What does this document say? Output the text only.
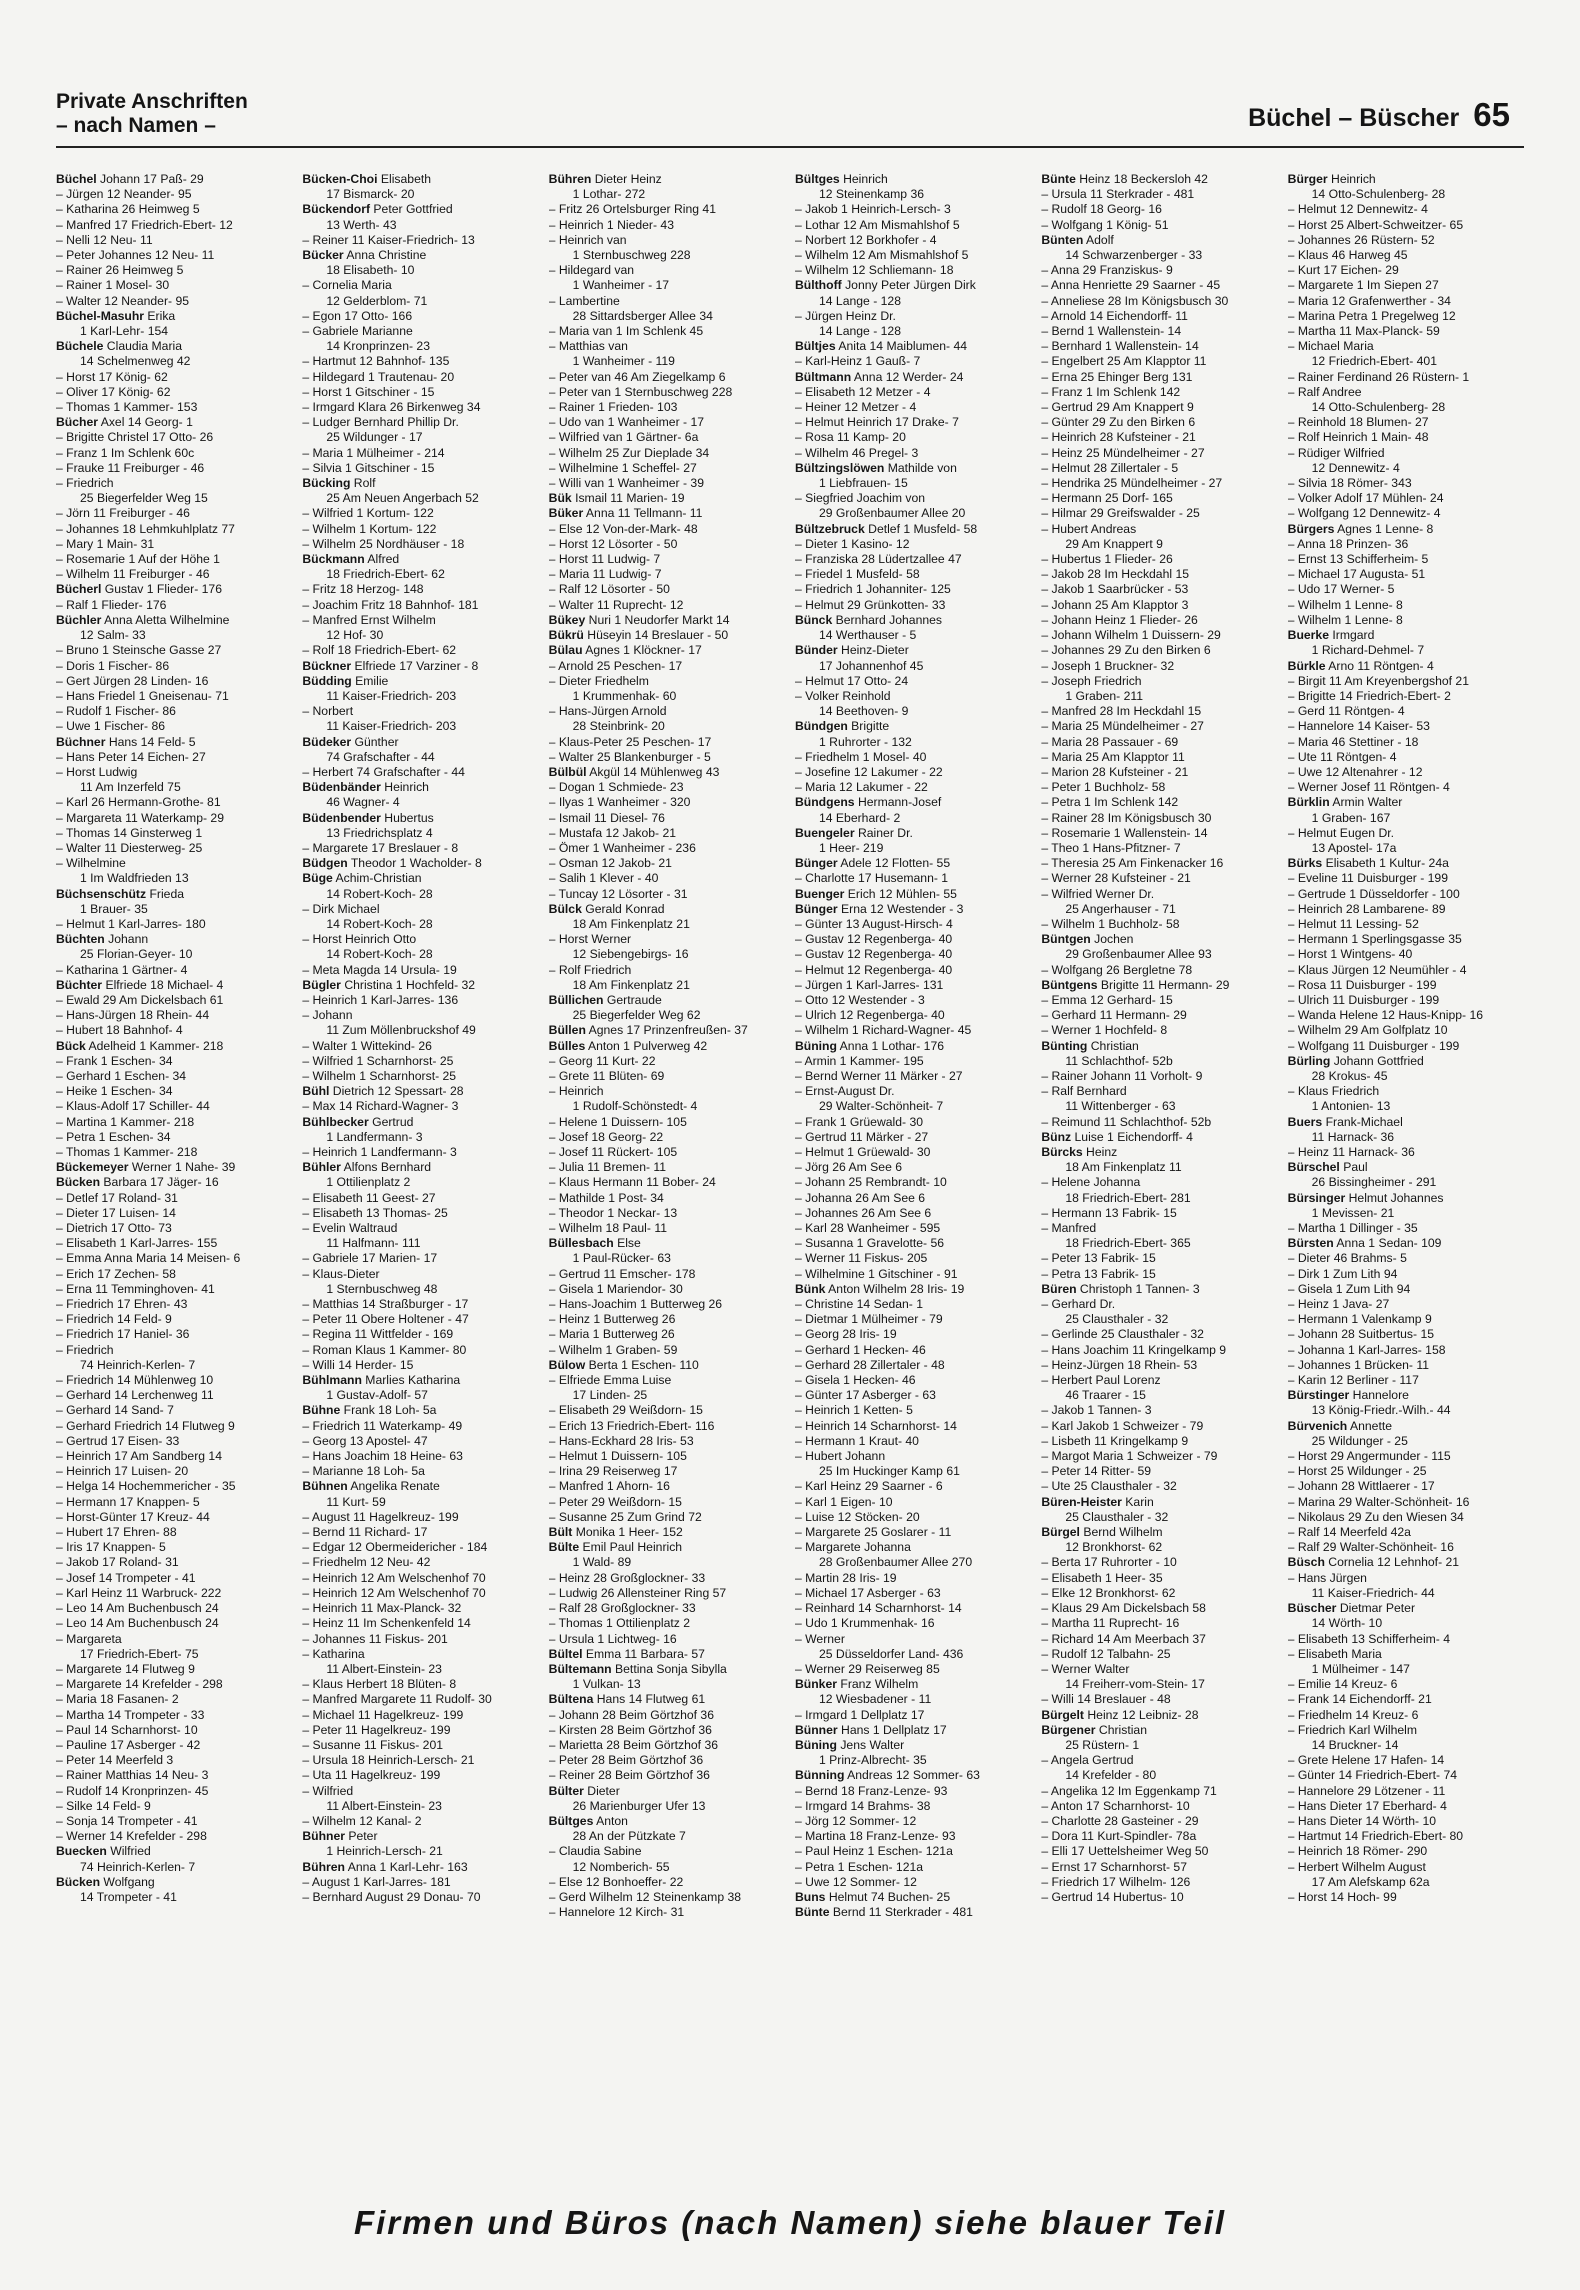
Private Anschriften
– nach Namen –	Büchel – Büscher 65
Büchel Johann 17 Paß- 29
– Jürgen 12 Neander- 95
– Katharina 26 Heimweg 5
– Manfred 17 Friedrich-Ebert- 12
– Nelli 12 Neu- 11
– Peter Johannes 12 Neu- 11
– Rainer 26 Heimweg 5
– Rainer 1 Mosel- 30
– Walter 12 Neander- 95
Büchel-Masuhr Erika
1 Karl-Lehr- 154
Büchele Claudia Maria
14 Schelmenweg 42
– Horst 17 König- 62
– Oliver 17 König- 62
– Thomas 1 Kammer- 153
Bücher Axel 14 Georg- 1
– Brigitte Christel 17 Otto- 26
– Franz 1 Im Schlenk 60c
– Frauke 11 Freiburger - 46
– Friedrich
25 Biegerfelder Weg 15
– Jörn 11 Freiburger - 46
– Johannes 18 Lehmkuhlplatz 77
– Mary 1 Main- 31
– Rosemarie 1 Auf der Höhe 1
– Wilhelm 11 Freiburger - 46
Bücherl Gustav 1 Flieder- 176
– Ralf 1 Flieder- 176
Büchler Anna Aletta Wilhelmine
12 Salm- 33
– Bruno 1 Steinsche Gasse 27
– Doris 1 Fischer- 86
– Gert Jürgen 28 Linden- 16
– Hans Friedel 1 Gneisenau- 71
– Rudolf 1 Fischer- 86
– Uwe 1 Fischer- 86
Büchner Hans 14 Feld- 5
– Hans Peter 14 Eichen- 27
– Horst Ludwig
11 Am Inzerfeld 75
– Karl 26 Hermann-Grothe- 81
– Margareta 11 Waterkamp- 29
– Thomas 14 Ginsterweg 1
– Walter 11 Diesterweg- 25
– Wilhelmine
1 Im Waldfrieden 13
Büchsenschütz Frieda
1 Brauer- 35
– Helmut 1 Karl-Jarres- 180
Büchten Johann
25 Florian-Geyer- 10
– Katharina 1 Gärtner- 4
Büchter Elfriede 18 Michael- 4
– Ewald 29 Am Dickelsbach 61
– Hans-Jürgen 18 Rhein- 44
– Hubert 18 Bahnhof- 4
Bück Adelheid 1 Kammer- 218
– Frank 1 Eschen- 34
– Gerhard 1 Eschen- 34
– Heike 1 Eschen- 34
– Klaus-Adolf 17 Schiller- 44
– Martina 1 Kammer- 218
– Petra 1 Eschen- 34
– Thomas 1 Kammer- 218
Bückemeyer Werner 1 Nahe- 39
Bücken Barbara 17 Jäger- 16
– Detlef 17 Roland- 31
– Dieter 17 Luisen- 14
– Dietrich 17 Otto- 73
– Elisabeth 1 Karl-Jarres- 155
– Emma Anna Maria 14 Meisen- 6
– Erich 17 Zechen- 58
– Erna 11 Temminghoven- 41
– Friedrich 17 Ehren- 43
– Friedrich 14 Feld- 9
– Friedrich 17 Haniel- 36
– Friedrich
74 Heinrich-Kerlen- 7
– Friedrich 14 Mühlenweg 10
– Gerhard 14 Lerchenweg 11
– Gerhard 14 Sand- 7
– Gerhard Friedrich 14 Flutweg 9
– Gertrud 17 Eisen- 33
– Heinrich 17 Am Sandberg 14
– Heinrich 17 Luisen- 20
– Helga 14 Hochemmericher - 35
– Hermann 17 Knappen- 5
– Horst-Günter 17 Kreuz- 44
– Hubert 17 Ehren- 88
– Iris 17 Knappen- 5
– Jakob 17 Roland- 31
– Josef 14 Trompeter - 41
– Karl Heinz 11 Warbruck- 222
– Leo 14 Am Buchenbusch 24
– Leo 14 Am Buchenbusch 24
– Margareta
17 Friedrich-Ebert- 75
– Margarete 14 Flutweg 9
– Margarete 14 Krefelder - 298
– Maria 18 Fasanen- 2
– Martha 14 Trompeter - 33
– Paul 14 Scharnhorst- 10
– Pauline 17 Asberger - 42
– Peter 14 Meerfeld 3
– Rainer Matthias 14 Neu- 3
– Rudolf 14 Kronprinzen- 45
– Silke 14 Feld- 9
– Sonja 14 Trompeter - 41
– Werner 14 Krefelder - 298
Buecken Wilfried
74 Heinrich-Kerlen- 7
Bücken Wolfgang
14 Trompeter - 41
Bücken-Choi Elisabeth
17 Bismarck- 20
Bückendorf Peter Gottfried
13 Werth- 43
– Reiner 11 Kaiser-Friedrich- 13
Bücker Anna Christine
18 Elisabeth- 10
– Cornelia Maria
12 Gelderblom- 71
– Egon 17 Otto- 166
– Gabriele Marianne
14 Kronprinzen- 23
– Hartmut 12 Bahnhof- 135
– Hildegard 1 Trautenau- 20
– Horst 1 Gitschiner - 15
– Irmgard Klara 26 Birkenweg 34
– Ludger Bernhard Phillip Dr.
25 Wildunger - 17
– Maria 1 Mülheimer - 214
– Silvia 1 Gitschiner - 15
Bücking Rolf
25 Am Neuen Angerbach 52
– Wilfried 1 Kortum- 122
– Wilhelm 1 Kortum- 122
– Wilhelm 25 Nordhäuser - 18
Bückmann Alfred
18 Friedrich-Ebert- 62
– Fritz 18 Herzog- 148
– Joachim Fritz 18 Bahnhof- 181
– Manfred Ernst Wilhelm
12 Hof- 30
– Rolf 18 Friedrich-Ebert- 62
Bückner Elfriede 17 Varziner - 8
Büdding Emilie
11 Kaiser-Friedrich- 203
– Norbert
11 Kaiser-Friedrich- 203
Büdeker Günther
74 Grafschafter - 44
– Herbert 74 Grafschafter - 44
Büdenbänder Heinrich
46 Wagner- 4
Büdenbender Hubertus
13 Friedrichsplatz 4
– Margarete 17 Breslauer - 8
Büdgen Theodor 1 Wacholder- 8
Büge Achim-Christian
14 Robert-Koch- 28
– Dirk Michael
14 Robert-Koch- 28
– Horst Heinrich Otto
14 Robert-Koch- 28
– Meta Magda 14 Ursula- 19
Bügler Christina 1 Hochfeld- 32
– Heinrich 1 Karl-Jarres- 136
– Johann
11 Zum Möllenbruckshof 49
– Walter 1 Wittekind- 26
– Wilfried 1 Scharnhorst- 25
– Wilhelm 1 Scharnhorst- 25
Bühl Dietrich 12 Spessart- 28
– Max 14 Richard-Wagner- 3
Bühlbecker Gertrud
1 Landfermann- 3
– Heinrich 1 Landfermann- 3
Bühler Alfons Bernhard
1 Ottilienplatz 2
– Elisabeth 11 Geest- 27
– Elisabeth 13 Thomas- 25
– Evelin Waltraud
11 Halfmann- 111
– Gabriele 17 Marien- 17
– Klaus-Dieter
1 Sternbuschweg 48
– Matthias 14 Straßburger - 17
– Peter 11 Obere Holtener - 47
– Regina 11 Wittfelder - 169
– Roman Klaus 1 Kammer- 80
– Willi 14 Herder- 15
Bühlmann Marlies Katharina
1 Gustav-Adolf- 57
Bühne Frank 18 Loh- 5a
– Friedrich 11 Waterkamp- 49
– Georg 13 Apostel- 47
– Hans Joachim 18 Heine- 63
– Marianne 18 Loh- 5a
Bühnen Angelika Renate
11 Kurt- 59
– August 11 Hagelkreuz- 199
– Bernd 11 Richard- 17
– Edgar 12 Obermeidericher - 184
– Friedhelm 12 Neu- 42
– Heinrich 12 Am Welschenhof 70
– Heinrich 12 Am Welschenhof 70
– Heinrich 11 Max-Planck- 32
– Heinz 11 Im Schenkenfeld 14
– Johannes 11 Fiskus- 201
– Katharina
11 Albert-Einstein- 23
– Klaus Herbert 18 Blüten- 8
– Manfred Margarete 11 Rudolf- 30
– Michael 11 Hagelkreuz- 199
– Peter 11 Hagelkreuz- 199
– Susanne 11 Fiskus- 201
– Ursula 18 Heinrich-Lersch- 21
– Uta 11 Hagelkreuz- 199
– Wilfried
11 Albert-Einstein- 23
– Wilhelm 12 Kanal- 2
Bühner Peter
1 Heinrich-Lersch- 21
Bühren Anna 1 Karl-Lehr- 163
– August 1 Karl-Jarres- 181
– Bernhard August 29 Donau- 70
Bühren Dieter Heinz
1 Lothar- 272
– Fritz 26 Ortelsburger Ring 41
– Heinrich 1 Nieder- 43
– Heinrich van
1 Sternbuschweg 228
– Hildegard van
1 Wanheimer - 17
– Lambertine
28 Sittardsberger Allee 34
– Maria van 1 Im Schlenk 45
– Matthias van
1 Wanheimer - 119
– Peter van 46 Am Ziegelkamp 6
– Peter van 1 Sternbuschweg 228
– Rainer 1 Frieden- 103
– Udo van 1 Wanheimer - 17
– Wilfried van 1 Gärtner- 6a
– Wilhelm 25 Zur Dieplade 34
– Wilhelmine 1 Scheffel- 27
– Willi van 1 Wanheimer - 39
Bük Ismail 11 Marien- 19
Büker Anna 11 Tellmann- 11
– Else 12 Von-der-Mark- 48
– Horst 12 Lösorter - 50
– Horst 11 Ludwig- 7
– Maria 11 Ludwig- 7
– Ralf 12 Lösorter - 50
– Walter 11 Ruprecht- 12
Bükey Nuri 1 Neudorfer Markt 14
Bükrü Hüseyin 14 Breslauer - 50
Bülau Agnes 1 Klöckner- 17
– Arnold 25 Peschen- 17
– Dieter Friedhelm
1 Krummenhak- 60
– Hans-Jürgen Arnold
28 Steinbrink- 20
– Klaus-Peter 25 Peschen- 17
– Walter 25 Blankenburger - 5
Bülbül Akgül 14 Mühlenweg 43
– Dogan 1 Schmiede- 23
– Ilyas 1 Wanheimer - 320
– Ismail 11 Diesel- 76
– Mustafa 12 Jakob- 21
– Ömer 1 Wanheimer - 236
– Osman 12 Jakob- 21
– Salih 1 Klever - 40
– Tuncay 12 Lösorter - 31
Bülck Gerald Konrad
18 Am Finkenplatz 21
– Horst Werner
12 Siebengebirgs- 16
– Rolf Friedrich
18 Am Finkenplatz 21
Büllichen Gertraude
25 Biegerfelder Weg 62
Büllen Agnes 17 Prinzenfreußen- 37
Bülles Anton 1 Pulverweg 42
– Georg 11 Kurt- 22
– Grete 11 Blüten- 69
– Heinrich
1 Rudolf-Schönstedt- 4
– Helene 1 Duissern- 105
– Josef 18 Georg- 22
– Josef 11 Rückert- 105
– Julia 11 Bremen- 11
– Klaus Hermann 11 Bober- 24
– Mathilde 1 Post- 34
– Theodor 1 Neckar- 13
– Wilhelm 18 Paul- 11
Büllesbach Else
1 Paul-Rücker- 63
– Gertrud 11 Emscher- 178
– Gisela 1 Mariendor- 30
– Hans-Joachim 1 Butterweg 26
– Heinz 1 Butterweg 26
– Maria 1 Butterweg 26
– Wilhelm 1 Graben- 59
Bülow Berta 1 Eschen- 110
– Elfriede Emma Luise
17 Linden- 25
– Elisabeth 29 Weißdorn- 15
– Erich 13 Friedrich-Ebert- 116
– Hans-Eckhard 28 Iris- 53
– Helmut 1 Duissern- 105
– Irina 29 Reiserweg 17
– Manfred 1 Ahorn- 16
– Peter 29 Weißdorn- 15
– Susanne 25 Zum Grind 72
Bült Monika 1 Heer- 152
Bülte Emil Paul Heinrich
1 Wald- 89
– Heinz 28 Großglockner- 33
– Ludwig 26 Allensteiner Ring 57
– Ralf 28 Großglockner- 33
– Thomas 1 Ottilienplatz 2
– Ursula 1 Lichtweg- 16
Bültel Emma 11 Barbara- 57
Bültemann Bettina Sonja Sibylla
1 Vulkan- 13
Bültena Hans 14 Flutweg 61
– Johann 28 Beim Görtzhof 36
– Kirsten 28 Beim Görtzhof 36
– Marietta 28 Beim Görtzhof 36
– Peter 28 Beim Görtzhof 36
– Reiner 28 Beim Görtzhof 36
Bülter Dieter
26 Marienburger Ufer 13
Bültges Anton
28 An der Pützkate 7
– Claudia Sabine
12 Nomberich- 55
– Else 12 Bonhoeffer- 22
– Gerd Wilhelm 12 Steinenkamp 38
– Hannelore 12 Kirch- 31
Bültges Heinrich
12 Steinenkamp 36
– Jakob 1 Heinrich-Lersch- 3
– Lothar 12 Am Mismahlshof 5
– Norbert 12 Borkhofer - 4
– Wilhelm 12 Am Mismahlshof 5
– Wilhelm 12 Schliemann- 18
Bülthoff Jonny Peter Jürgen Dirk
14 Lange - 128
– Jürgen Heinz Dr.
14 Lange - 128
Bültjes Anita 14 Maiblumen- 44
– Karl-Heinz 1 Gauß- 7
Bültmann Anna 12 Werder- 24
– Elisabeth 12 Metzer - 4
– Heiner 12 Metzer - 4
– Helmut Heinrich 17 Drake- 7
– Rosa 11 Kamp- 20
– Wilhelm 46 Pregel- 3
Bültzingslöwen Mathilde von
1 Liebfrauen- 15
– Siegfried Joachim von
29 Großenbaumer Allee 20
Bültzebruck Detlef 1 Musfeld- 58
– Dieter 1 Kasino- 12
– Franziska 28 Lüdertzallee 47
– Friedel 1 Musfeld- 58
– Friedrich 1 Johanniter- 125
– Helmut 29 Grünkotten- 33
Bünck Bernhard Johannes
14 Werthauser - 5
Bünder Heinz-Dieter
17 Johannenhof 45
– Helmut 17 Otto- 24
– Volker Reinhold
14 Beethoven- 9
Bündgen Brigitte
1 Ruhrorter - 132
– Friedhelm 1 Mosel- 40
– Josefine 12 Lakumer - 22
– Maria 12 Lakumer - 22
Bündgens Hermann-Josef
14 Eberhard- 2
Buengeler Rainer Dr.
1 Heer- 219
Bünger Adele 12 Flotten- 55
– Charlotte 17 Husemann- 1
Buenger Erich 12 Mühlen- 55
Bünger Erna 12 Westender - 3
– Günter 13 August-Hirsch- 4
– Gustav 12 Regenberga- 40
– Gustav 12 Regenberga- 40
– Helmut 12 Regenberga- 40
– Jürgen 1 Karl-Jarres- 131
– Otto 12 Westender - 3
– Ulrich 12 Regenberga- 40
– Wilhelm 1 Richard-Wagner- 45
Büning Anna 1 Lothar- 176
– Armin 1 Kammer- 195
– Bernd Werner 11 Märker - 27
– Ernst-August Dr.
29 Walter-Schönheit- 7
– Frank 1 Grüewald- 30
– Gertrud 11 Märker - 27
– Helmut 1 Grüewald- 30
– Jörg 26 Am See 6
– Johann 25 Rembrandt- 10
– Johanna 26 Am See 6
– Johannes 26 Am See 6
– Karl 28 Wanheimer - 595
– Susanna 1 Gravelotte- 56
– Werner 11 Fiskus- 205
– Wilhelmine 1 Gitschiner - 91
Bünk Anton Wilhelm 28 Iris- 19
– Christine 14 Sedan- 1
– Dietmar 1 Mülheimer - 79
– Georg 28 Iris- 19
– Gerhard 1 Hecken- 46
– Gerhard 28 Zillertaler - 48
– Gisela 1 Hecken- 46
– Günter 17 Asberger - 63
– Heinrich 1 Ketten- 5
– Heinrich 14 Scharnhorst- 14
– Hermann 1 Kraut- 40
– Hubert Johann
25 Im Huckinger Kamp 61
– Karl Heinz 29 Saarner - 6
– Karl 1 Eigen- 10
– Luise 12 Stöcken- 20
– Margarete 25 Goslarer - 11
– Margarete Johanna
28 Großenbaumer Allee 270
– Martin 28 Iris- 19
– Michael 17 Asberger - 63
– Reinhard 14 Scharnhorst- 14
– Udo 1 Krummenhak- 16
– Werner
25 Düsseldorfer Land- 436
– Werner 29 Reiserweg 85
Bünker Franz Wilhelm
12 Wiesbadener - 11
– Irmgard 1 Dellplatz 17
Bünner Hans 1 Dellplatz 17
Büning Jens Walter
1 Prinz-Albrecht- 35
Bünning Andreas 12 Sommer- 63
– Bernd 18 Franz-Lenze- 93
– Irmgard 14 Brahms- 38
– Jörg 12 Sommer- 12
– Martina 18 Franz-Lenze- 93
– Paul Heinz 1 Eschen- 121a
– Petra 1 Eschen- 121a
– Uwe 12 Sommer- 12
Buns Helmut 74 Buchen- 25
Bünte Bernd 11 Sterkrader - 481
Bünte Heinz 18 Beckersloh 42
– Ursula 11 Sterkrader - 481
– Rudolf 18 Georg- 16
– Wolfgang 1 König- 51
Bünten Adolf
14 Schwarzenberger - 33
– Anna 29 Franziskus- 9
– Anna Henriette 29 Saarner - 45
– Anneliese 28 Im Königsbusch 30
– Arnold 14 Eichendorff- 11
– Bernd 1 Wallenstein- 14
– Bernhard 1 Wallenstein- 14
– Engelbert 25 Am Klapptor 11
– Erna 25 Ehinger Berg 131
– Franz 1 Im Schlenk 142
– Gertrud 29 Am Knappert 9
– Günter 29 Zu den Birken 6
– Heinrich 28 Kufsteiner - 21
– Heinz 25 Mündelheimer - 27
– Helmut 28 Zillertaler - 5
– Hendrika 25 Mündelheimer - 27
– Hermann 25 Dorf- 165
– Hilmar 29 Greifswalder - 25
– Hubert Andreas
29 Am Knappert 9
– Hubertus 1 Flieder- 26
– Jakob 28 Im Heckdahl 15
– Jakob 1 Saarbrücker - 53
– Johann 25 Am Klapptor 3
– Johann Heinz 1 Flieder- 26
– Johann Wilhelm 1 Duissern- 29
– Johannes 29 Zu den Birken 6
– Joseph 1 Bruckner- 32
– Joseph Friedrich
1 Graben- 211
– Manfred 28 Im Heckdahl 15
– Maria 25 Mündelheimer - 27
– Maria 28 Passauer - 69
– Maria 25 Am Klapptor 11
– Marion 28 Kufsteiner - 21
– Peter 1 Buchholz- 58
– Petra 1 Im Schlenk 142
– Rainer 28 Im Königsbusch 30
– Rosemarie 1 Wallenstein- 14
– Theo 1 Hans-Pfitzner- 7
– Theresia 25 Am Finkenacker 16
– Werner 28 Kufsteiner - 21
– Wilfried Werner Dr.
25 Angerhauser - 71
– Wilhelm 1 Buchholz- 58
Büntgen Jochen
29 Großenbaumer Allee 93
– Wolfgang 26 Bergletne 78
Büntgens Brigitte 11 Hermann- 29
– Emma 12 Gerhard- 15
– Gerhard 11 Hermann- 29
– Werner 1 Hochfeld- 8
Bünting Christian
11 Schlachthof- 52b
– Rainer Johann 11 Vorholt- 9
– Ralf Bernhard
11 Wittenberger - 63
– Reimund 11 Schlachthof- 52b
Bünz Luise 1 Eichendorff- 4
Bürcks Heinz
18 Am Finkenplatz 11
– Helene Johanna
18 Friedrich-Ebert- 281
– Hermann 13 Fabrik- 15
– Manfred
18 Friedrich-Ebert- 365
– Peter 13 Fabrik- 15
– Petra 13 Fabrik- 15
Büren Christoph 1 Tannen- 3
– Gerhard Dr.
25 Clausthaler - 32
– Gerlinde 25 Clausthaler - 32
– Hans Joachim 11 Kringelkamp 9
– Heinz-Jürgen 18 Rhein- 53
– Herbert Paul Lorenz
46 Traarer - 15
– Jakob 1 Tannen- 3
– Karl Jakob 1 Schweizer - 79
– Lisbeth 11 Kringelkamp 9
– Margot Maria 1 Schweizer - 79
– Peter 14 Ritter- 59
– Ute 25 Clausthaler - 32
Büren-Heister Karin
25 Clausthaler - 32
Bürgel Bernd Wilhelm
12 Bronkhorst- 62
– Berta 17 Ruhrorter - 10
– Elisabeth 1 Heer- 35
– Elke 12 Bronkhorst- 62
– Klaus 29 Am Dickelsbach 58
– Martha 11 Ruprecht- 16
– Richard 14 Am Meerbach 37
– Rudolf 12 Talbahn- 25
– Werner Walter
14 Freiherr-vom-Stein- 17
– Willi 14 Breslauer - 48
Bürgelt Heinz 12 Leibniz- 28
Bürgener Christian
25 Rüstern- 1
– Angela Gertrud
14 Krefelder - 80
– Angelika 12 Im Eggenkamp 71
– Anton 17 Scharnhorst- 10
– Charlotte 28 Gasteiner - 29
– Dora 11 Kurt-Spindler- 78a
– Elli 17 Uettelsheimer Weg 50
– Ernst 17 Scharnhorst- 57
– Friedrich 17 Wilhelm- 126
– Gertrud 14 Hubertus- 10
Bürger Heinrich
14 Otto-Schulenberg- 28
– Helmut 12 Dennewitz- 4
– Horst 25 Albert-Schweitzer- 65
– Johannes 26 Rüstern- 52
– Klaus 46 Harweg 45
– Kurt 17 Eichen- 29
– Margarete 1 Im Siepen 27
– Maria 12 Grafenwerther - 34
– Marina Petra 1 Pregelweg 12
– Martha 11 Max-Planck- 59
– Michael Maria
12 Friedrich-Ebert- 401
– Rainer Ferdinand 26 Rüstern- 1
– Ralf Andree
14 Otto-Schulenberg- 28
– Reinhold 18 Blumen- 27
– Rolf Heinrich 1 Main- 48
– Rüdiger Wilfried
12 Dennewitz- 4
– Silvia 18 Römer- 343
– Volker Adolf 17 Mühlen- 24
– Wolfgang 12 Dennewitz- 4
Bürgers Agnes 1 Lenne- 8
– Anna 18 Prinzen- 36
– Ernst 13 Schifferheim- 5
– Michael 17 Augusta- 51
– Udo 17 Werner- 5
– Wilhelm 1 Lenne- 8
– Wilhelm 1 Lenne- 8
Buerke Irmgard
1 Richard-Dehmel- 7
Bürkle Arno 11 Röntgen- 4
– Birgit 11 Am Kreyenbergshof 21
– Brigitte 14 Friedrich-Ebert- 2
– Gerd 11 Röntgen- 4
– Hannelore 14 Kaiser- 53
– Maria 46 Stettiner - 18
– Ute 11 Röntgen- 4
– Uwe 12 Altenahrer - 12
– Werner Josef 11 Röntgen- 4
Bürklin Armin Walter
1 Graben- 167
– Helmut Eugen Dr.
13 Apostel- 17a
Bürks Elisabeth 1 Kultur- 24a
– Eveline 11 Duisburger - 199
– Gertrude 1 Düsseldorfer - 100
– Heinrich 28 Lambarene- 89
– Helmut 11 Lessing- 52
– Hermann 1 Sperlingsgasse 35
– Horst 1 Wintgens- 40
– Klaus Jürgen 12 Neumühler - 4
– Rosa 11 Duisburger - 199
– Ulrich 11 Duisburger - 199
– Wanda Helene 12 Haus-Knipp- 16
– Wilhelm 29 Am Golfplatz 10
– Wolfgang 11 Duisburger - 199
Bürling Johann Gottfried
28 Krokus- 45
– Klaus Friedrich
1 Antonien- 13
Buers Frank-Michael
11 Harnack- 36
– Heinz 11 Harnack- 36
Bürschel Paul
26 Bissingheimer - 291
Bürsinger Helmut Johannes
1 Mevissen- 21
– Martha 1 Dillinger - 35
Bürsten Anna 1 Sedan- 109
– Dieter 46 Brahms- 5
– Dirk 1 Zum Lith 94
– Gisela 1 Zum Lith 94
– Heinz 1 Java- 27
– Hermann 1 Valenkamp 9
– Johann 28 Suitbertus- 15
– Johanna 1 Karl-Jarres- 158
– Johannes 1 Brücken- 11
– Karin 12 Berliner - 117
Bürstinger Hannelore
13 König-Friedr.-Wilh.- 44
Bürvenich Annette
25 Wildunger - 25
– Horst 29 Angermunder - 115
– Horst 25 Wildunger - 25
– Johann 28 Wittlaerer - 17
– Marina 29 Walter-Schönheit- 16
– Nikolaus 29 Zu den Wiesen 34
– Ralf 14 Meerfeld 42a
– Ralf 29 Walter-Schönheit- 16
Büsch Cornelia 12 Lehnhof- 21
– Hans Jürgen
11 Kaiser-Friedrich- 44
Büscher Dietmar Peter
14 Wörth- 10
– Elisabeth 13 Schifferheim- 4
– Elisabeth Maria
1 Mülheimer - 147
– Emilie 14 Kreuz- 6
– Frank 14 Eichendorff- 21
– Friedhelm 14 Kreuz- 6
– Friedrich Karl Wilhelm
14 Bruckner- 14
– Grete Helene 17 Hafen- 14
– Günter 14 Friedrich-Ebert- 74
– Hannelore 29 Lötzener - 11
– Hans Dieter 17 Eberhard- 4
– Hans Dieter 14 Wörth- 10
– Hartmut 14 Friedrich-Ebert- 80
– Heinrich 18 Römer- 290
– Herbert Wilhelm August
17 Am Alefskamp 62a
– Horst 14 Hoch- 99
Firmen und Büros (nach Namen) siehe blauer Teil
